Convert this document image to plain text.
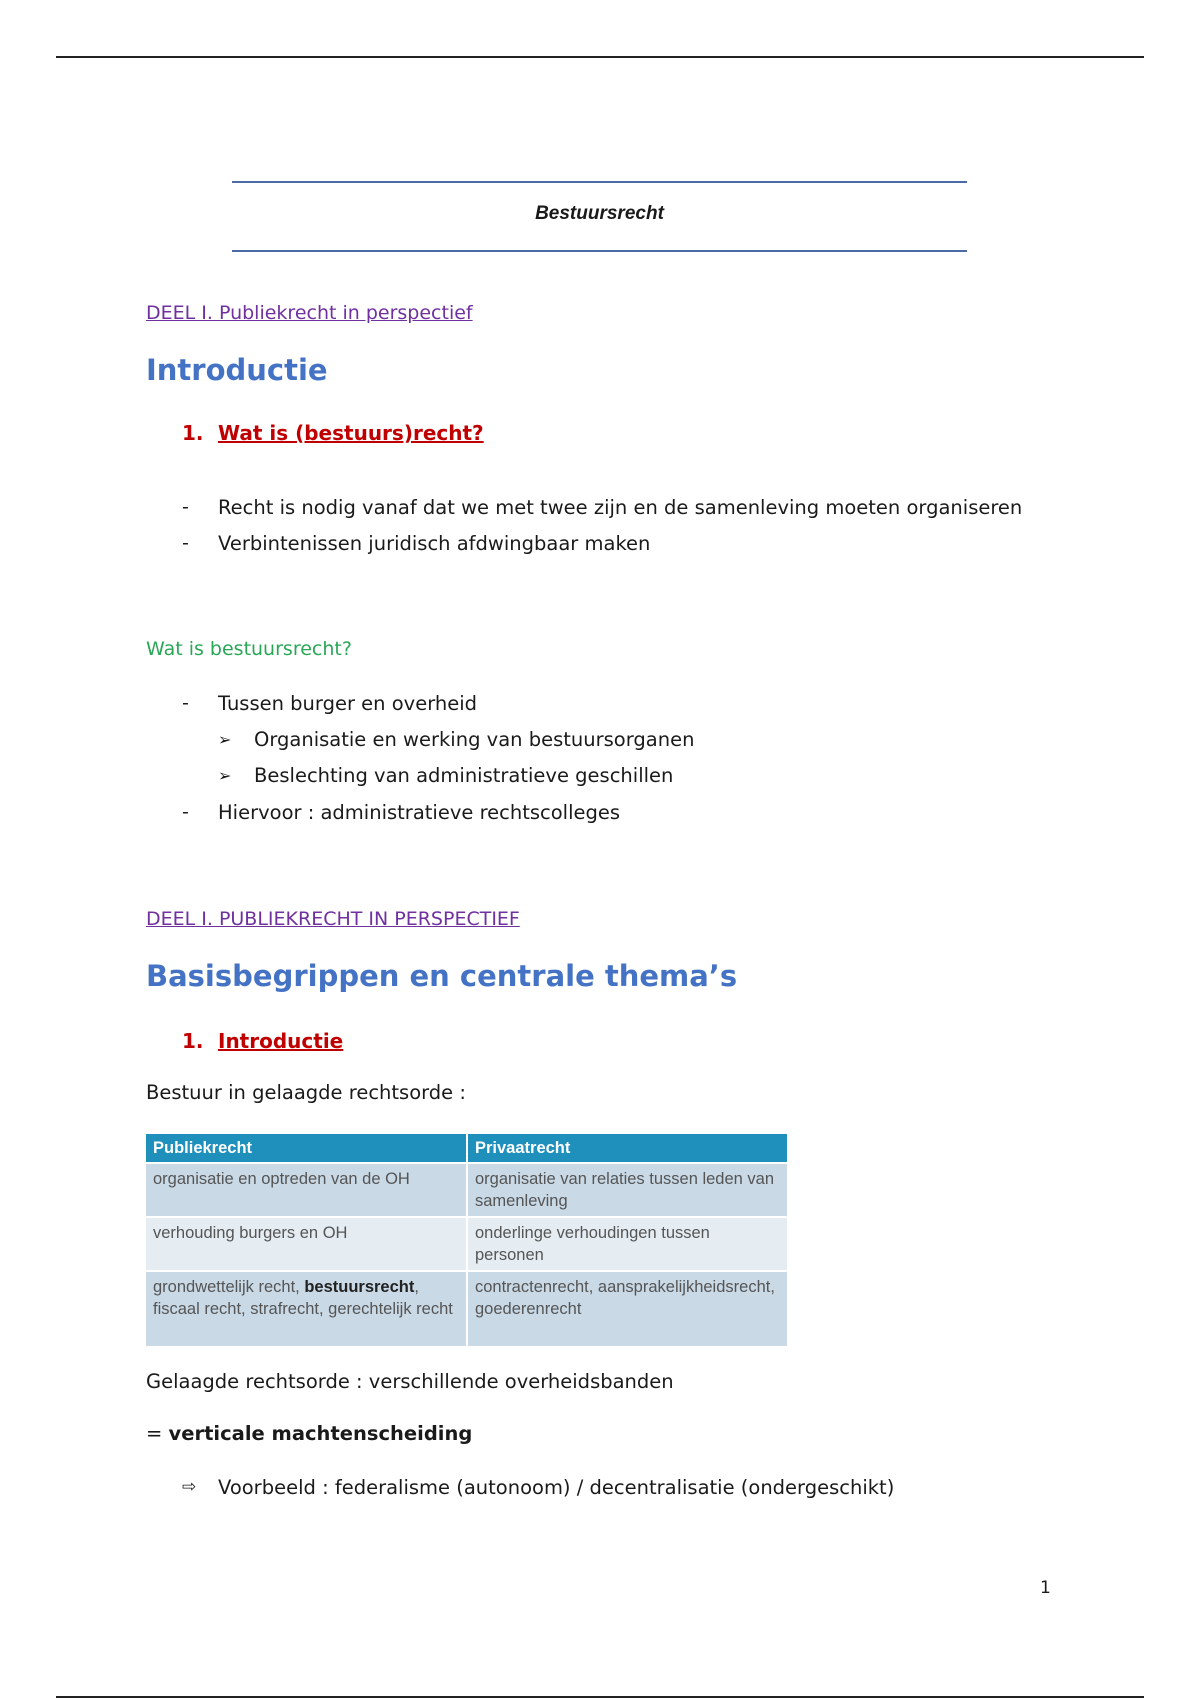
Bestuursrecht
DEEL I. Publiekrecht in perspectief
Introductie
1. Wat is (bestuurs)recht?
- Recht is nodig vanaf dat we met twee zijn en de samenleving moeten organiseren
- Verbintenissen juridisch afdwingbaar maken
Wat is bestuursrecht?
- Tussen burger en overheid
➢ Organisatie en werking van bestuursorganen
➢ Beslechting van administratieve geschillen
- Hiervoor : administratieve rechtscolleges
DEEL I. PUBLIEKRECHT IN PERSPECTIEF
Basisbegrippen en centrale thema’s
1. Introductie
Bestuur in gelaagde rechtsorde :
Publiekrecht	Privaatrecht
organisatie en optreden van de OH	organisatie van relaties tussen leden van samenleving
verhouding burgers en OH	onderlinge verhoudingen tussen personen
grondwettelijk recht, bestuursrecht, fiscaal recht, strafrecht, gerechtelijk recht	contractenrecht, aansprakelijkheidsrecht, goederenrecht
Gelaagde rechtsorde : verschillende overheidsbanden
= verticale machtenscheiding
⇨ Voorbeeld : federalisme (autonoom) / decentralisatie (ondergeschikt)
1
